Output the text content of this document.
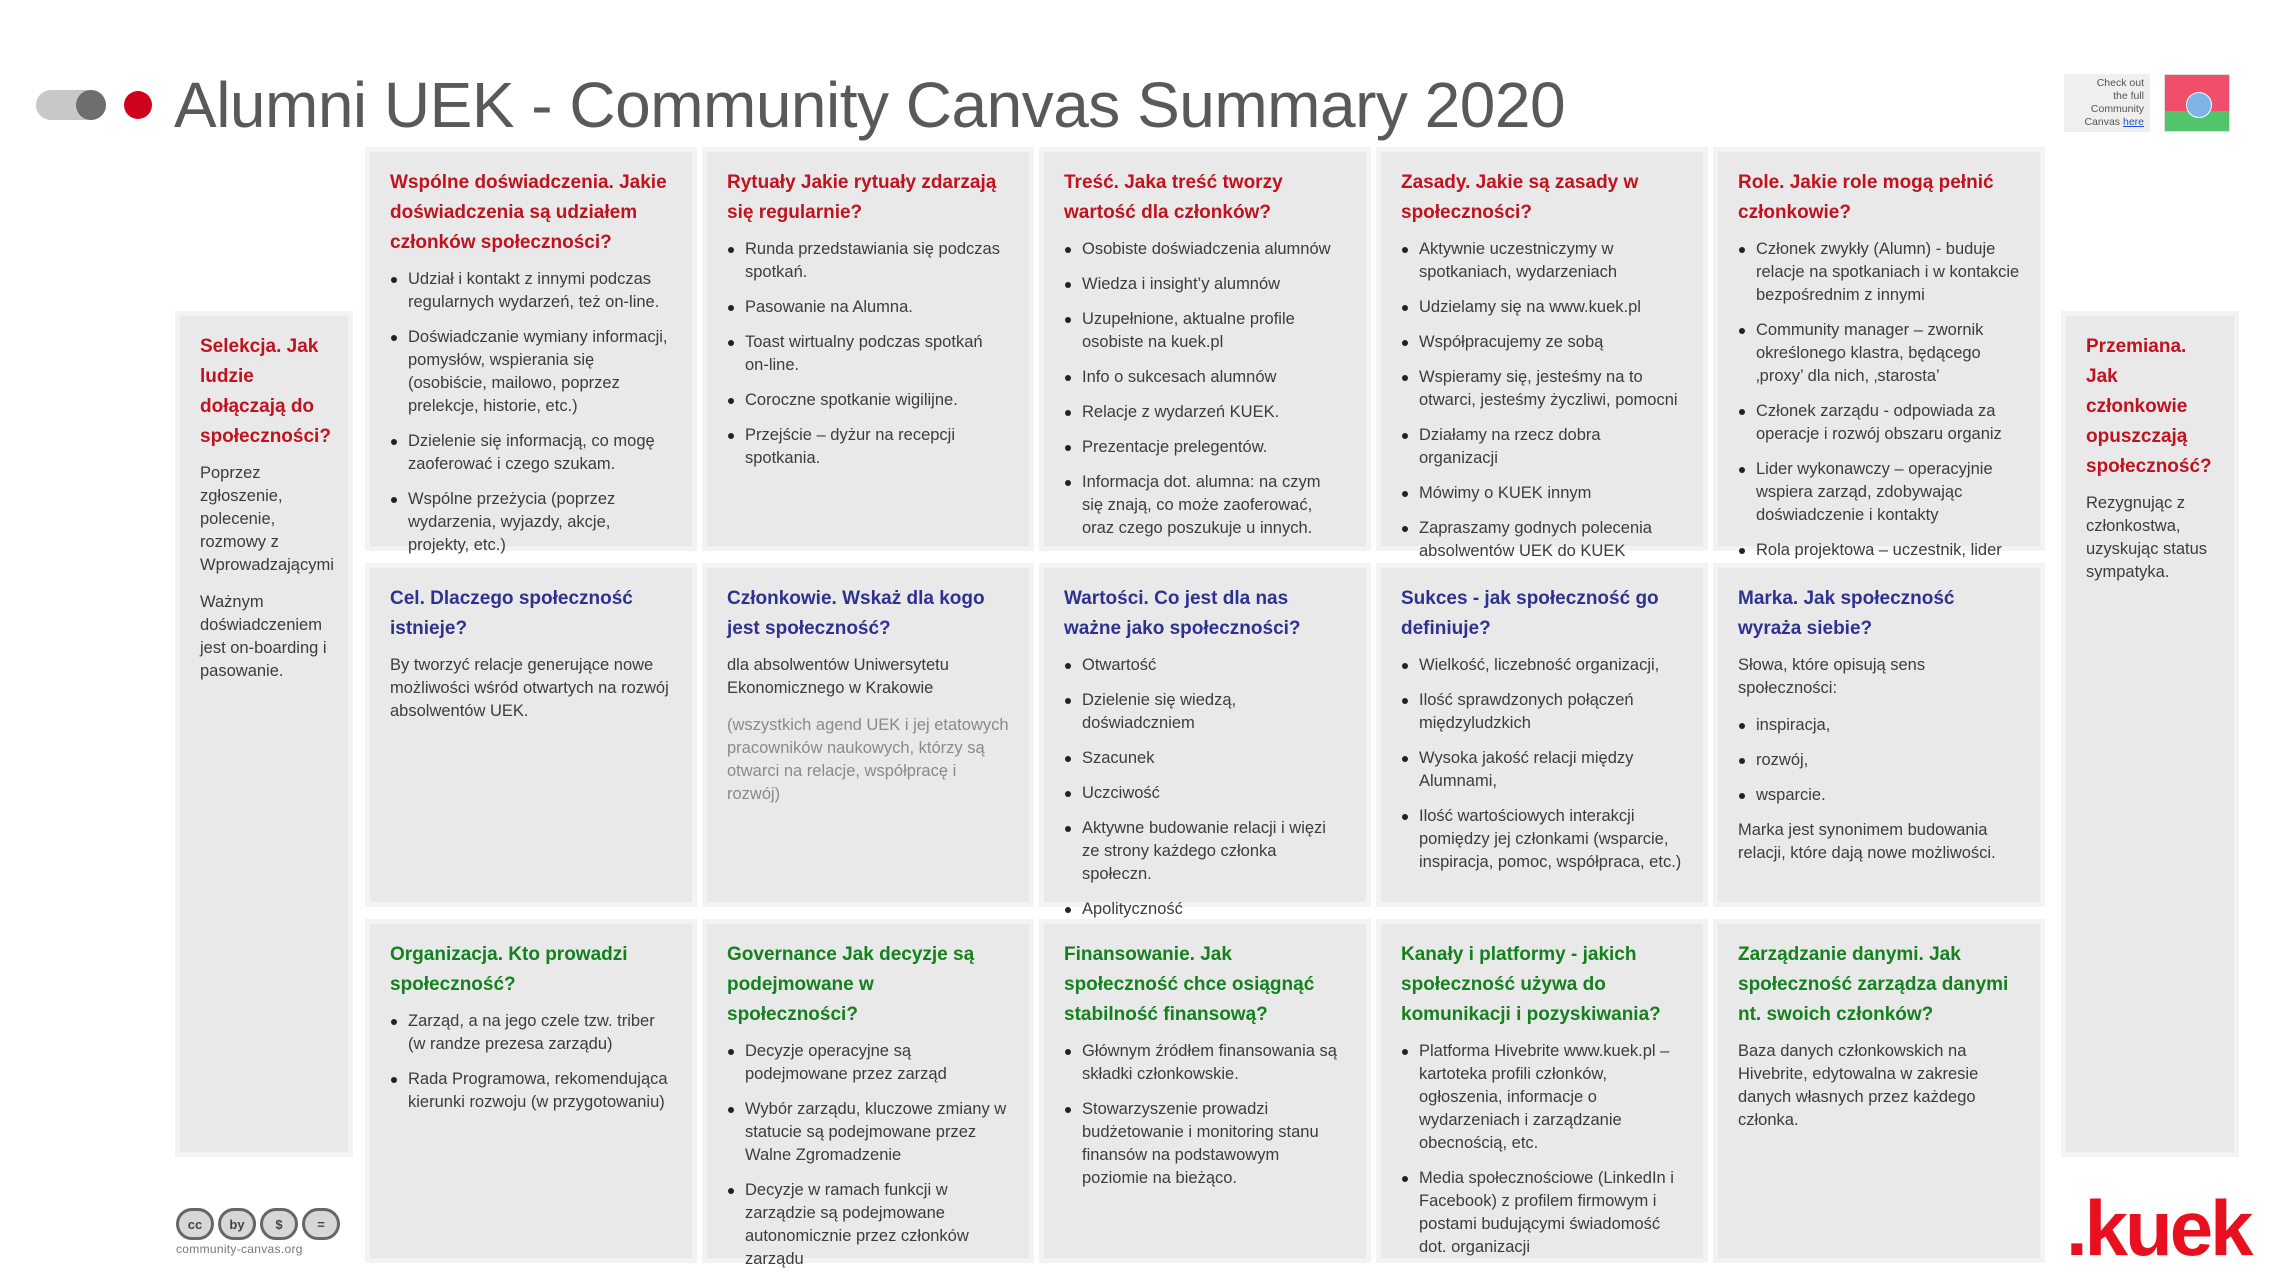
Alumni UEK - Community Canvas Summary 2020	Check out
the full
Community
Canvas here
Selekcja. Jak ludzie dołączają do społeczności?

Poprzez zgłoszenie, polecenie, rozmowy z Wprowadzającymi

Ważnym doświadczeniem jest on-boarding i pasowanie.

Przemiana. Jak członkowie opuszczają społeczność?

Rezygnując z członkostwa, uzyskując status sympatyka.

Wspólne doświadczenia. Jakie doświadczenia są udziałem członków społeczności?
Udział i kontakt z innymi podczas regularnych wydarzeń, też on-line.
Doświadczanie wymiany informacji, pomysłów, wspierania się (osobiście, mailowo, poprzez prelekcje, historie, etc.)
Dzielenie się informacją, co mogę zaoferować i czego szukam.
Wspólne przeżycia (poprzez wydarzenia, wyjazdy, akcje, projekty, etc.)
Rytuały Jakie rytuały zdarzają się regularnie?
Runda przedstawiania się podczas spotkań.
Pasowanie na Alumna.
Toast wirtualny podczas spotkań on-line.
Coroczne spotkanie wigilijne.
Przejście – dyżur na recepcji spotkania.
Treść. Jaka treść tworzy wartość dla członków?
Osobiste doświadczenia alumnów
Wiedza i insight’y alumnów
Uzupełnione, aktualne profile osobiste na kuek.pl
Info o sukcesach alumnów
Relacje z wydarzeń KUEK.
Prezentacje prelegentów.
Informacja dot. alumna: na czym się znają, co może zaoferować, oraz czego poszukuje u innych.
Zasady. Jakie są zasady w społeczności?
Aktywnie uczestniczymy w spotkaniach, wydarzeniach
Udzielamy się na www.kuek.pl
Współpracujemy ze sobą
Wspieramy się, jesteśmy na to otwarci, jesteśmy życzliwi, pomocni
Działamy na rzecz dobra organizacji
Mówimy o KUEK innym
Zapraszamy godnych polecenia absolwentów UEK do KUEK
Role. Jakie role mogą pełnić członkowie?
Członek zwykły (Alumn) - buduje relacje na spotkaniach i w kontakcie bezpośrednim z innymi
Community manager – zwornik określonego klastra, będącego ‚proxy’ dla nich, ‚starosta’
Członek zarządu - odpowiada za operacje i rozwój obszaru organiz
Lider wykonawczy – operacyjnie wspiera zarząd, zdobywając doświadczenie i kontakty
Rola projektowa – uczestnik, lider
Cel. Dlaczego społeczność istnieje?

By tworzyć relacje generujące nowe możliwości wśród otwartych na rozwój absolwentów UEK.

Członkowie. Wskaż dla kogo jest społeczność?

dla absolwentów Uniwersytetu Ekonomicznego w Krakowie

(wszystkich agend UEK i jej etatowych pracowników naukowych, którzy są otwarci na relacje, współpracę i rozwój)

Wartości. Co jest dla nas ważne jako społeczności?
Otwartość
Dzielenie się wiedzą, doświadczniem
Szacunek
Uczciwość
Aktywne budowanie relacji i więzi ze strony każdego członka społeczn.
Apolityczność
Sukces - jak społeczność go definiuje?
Wielkość, liczebność organizacji,
Ilość sprawdzonych połączeń międzyludzkich
Wysoka jakość relacji między Alumnami,
Ilość wartościowych interakcji pomiędzy jej członkami (wsparcie, inspiracja, pomoc, współpraca, etc.)
Marka. Jak społeczność wyraża siebie?

Słowa, które opisują sens społeczności:

inspiracja,
rozwój,
wsparcie.

Marka jest synonimem budowania relacji, które dają nowe możliwości.

Organizacja. Kto prowadzi społeczność?
Zarząd, a na jego czele tzw. triber (w randze prezesa zarządu)
Rada Programowa, rekomendująca kierunki rozwoju (w przygotowaniu)
Governance Jak decyzje są podejmowane w społeczności?
Decyzje operacyjne są podejmowane przez zarząd
Wybór zarządu, kluczowe zmiany w statucie są podejmowane przez Walne Zgromadzenie
Decyzje w ramach funkcji w zarządzie są podejmowane autonomicznie przez członków zarządu
Finansowanie. Jak społeczność chce osiągnąć stabilność finansową?
Głównym źródłem finansowania są składki członkowskie.
Stowarzyszenie prowadzi budżetowanie i monitoring stanu finansów na podstawowym poziomie na bieżąco.
Kanały i platformy - jakich społeczność używa do komunikacji i pozyskiwania?
Platforma Hivebrite www.kuek.pl – kartoteka profili członków, ogłoszenia, informacje o wydarzeniach i zarządzanie obecnością, etc.
Media społecznościowe (LinkedIn i Facebook) z profilem firmowym i postami budującymi świadomość dot. organizacji
Zarządzanie danymi. Jak społeczność zarządza danymi nt. swoich członków?

Baza danych członkowskich na Hivebrite, edytowalna w zakresie danych własnych przez każdego członka.

cc	by	$	=
community-canvas.org	.kuek
